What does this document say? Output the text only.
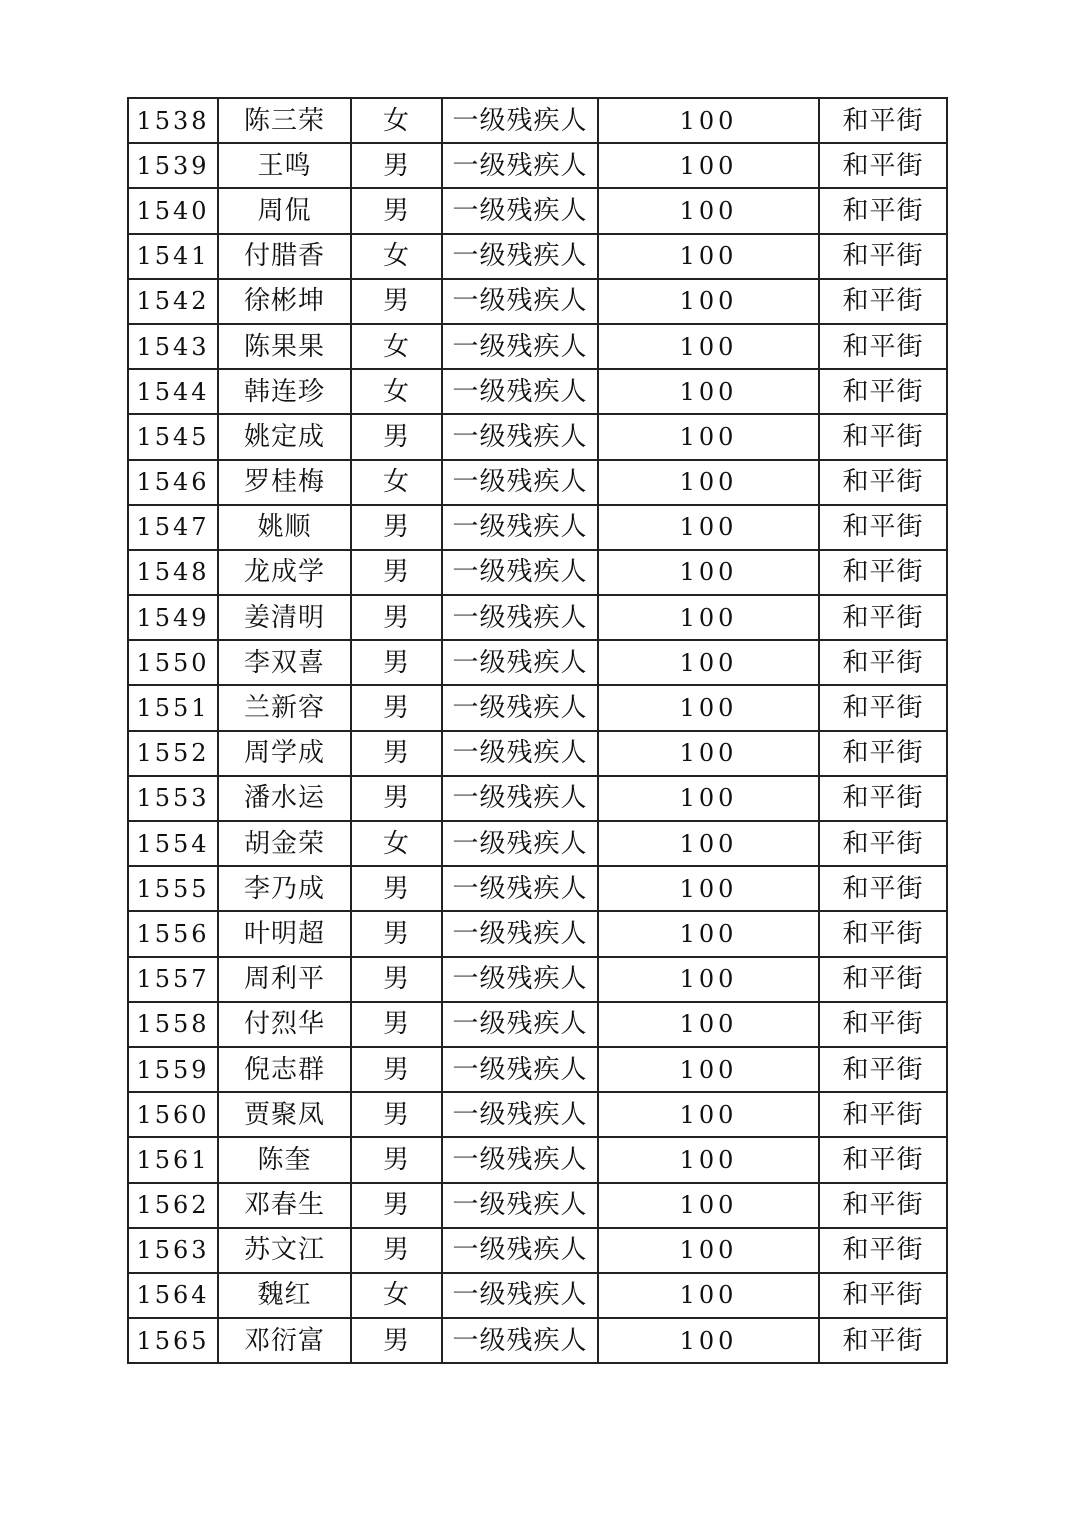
1538	陈三荣	女	一级残疾人	100	和平街
1539	王鸣	男	一级残疾人	100	和平街
1540	周侃	男	一级残疾人	100	和平街
1541	付腊香	女	一级残疾人	100	和平街
1542	徐彬坤	男	一级残疾人	100	和平街
1543	陈果果	女	一级残疾人	100	和平街
1544	韩连珍	女	一级残疾人	100	和平街
1545	姚定成	男	一级残疾人	100	和平街
1546	罗桂梅	女	一级残疾人	100	和平街
1547	姚顺	男	一级残疾人	100	和平街
1548	龙成学	男	一级残疾人	100	和平街
1549	姜清明	男	一级残疾人	100	和平街
1550	李双喜	男	一级残疾人	100	和平街
1551	兰新容	男	一级残疾人	100	和平街
1552	周学成	男	一级残疾人	100	和平街
1553	潘水运	男	一级残疾人	100	和平街
1554	胡金荣	女	一级残疾人	100	和平街
1555	李乃成	男	一级残疾人	100	和平街
1556	叶明超	男	一级残疾人	100	和平街
1557	周利平	男	一级残疾人	100	和平街
1558	付烈华	男	一级残疾人	100	和平街
1559	倪志群	男	一级残疾人	100	和平街
1560	贾聚凤	男	一级残疾人	100	和平街
1561	陈奎	男	一级残疾人	100	和平街
1562	邓春生	男	一级残疾人	100	和平街
1563	苏文江	男	一级残疾人	100	和平街
1564	魏红	女	一级残疾人	100	和平街
1565	邓衍富	男	一级残疾人	100	和平街
